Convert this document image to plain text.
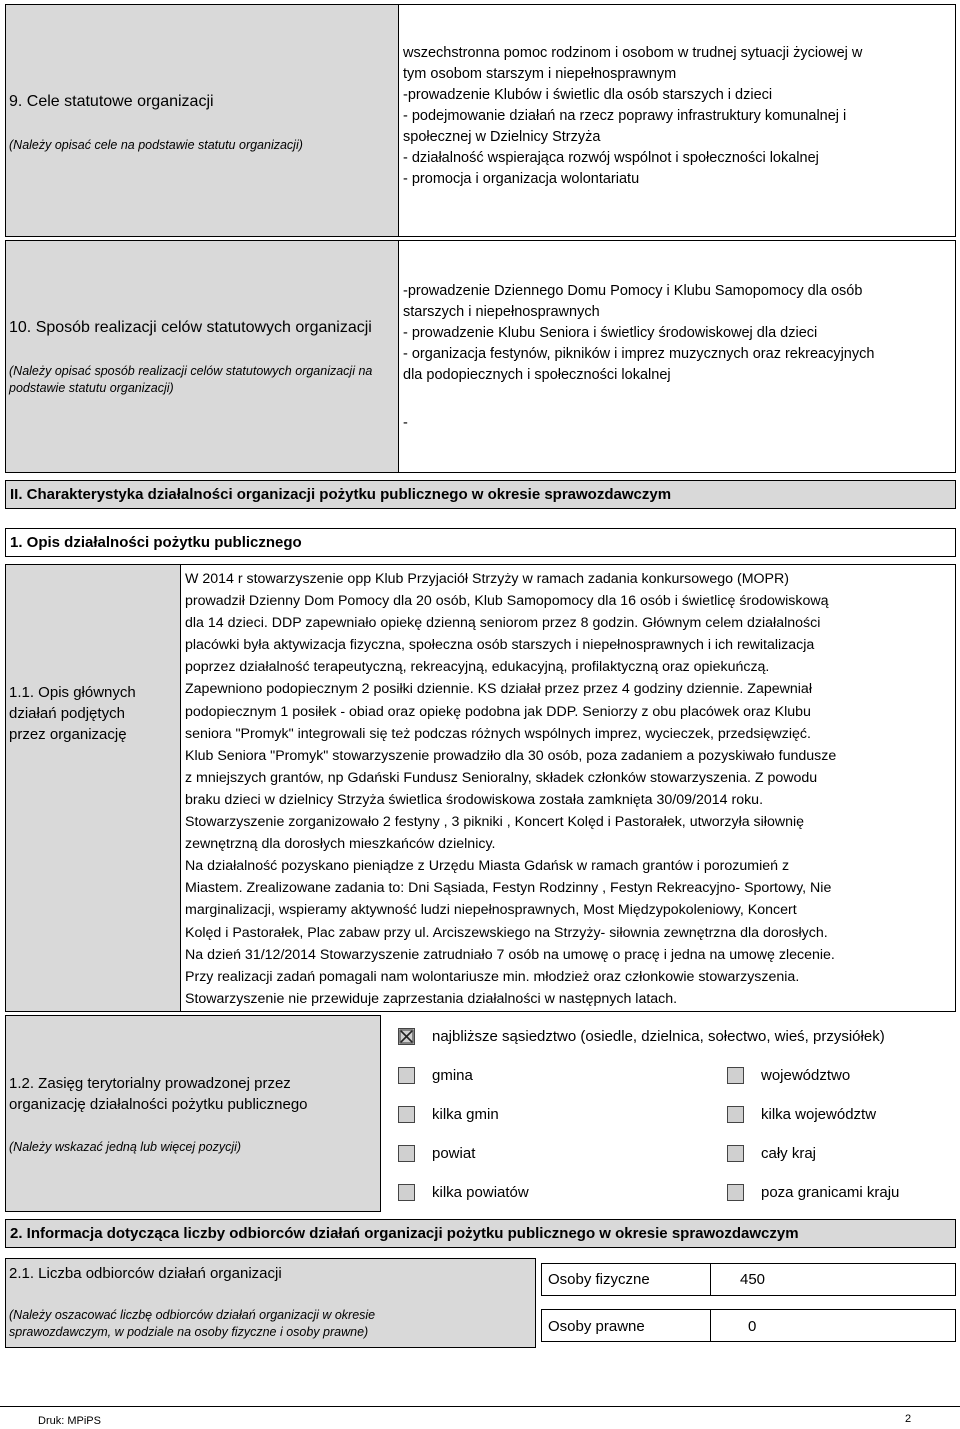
9. Cele statutowe organizacji
(Należy opisać cele na podstawie statutu organizacji)
wszechstronna pomoc rodzinom i osobom w trudnej sytuacji życiowej w
tym osobom starszym i niepełnosprawnym
-prowadzenie Klubów i świetlic dla osób starszych i dzieci
- podejmowanie działań na rzecz poprawy infrastruktury komunalnej i
społecznej w Dzielnicy Strzyża
- działalność wspierająca rozwój wspólnot i społeczności lokalnej
- promocja i organizacja wolontariatu
10. Sposób realizacji celów statutowych organizacji
(Należy opisać sposób realizacji celów statutowych organizacji na
podstawie statutu organizacji)
-prowadzenie Dziennego Domu Pomocy i Klubu Samopomocy dla osób
starszych i niepełnosprawnych
- prowadzenie Klubu Seniora i świetlicy środowiskowej dla dzieci
- organizacja festynów, pikników i imprez muzycznych oraz rekreacyjnych
dla podopiecznych i społeczności lokalnej
-
II. Charakterystyka działalności organizacji pożytku publicznego w okresie sprawozdawczym
1. Opis działalności pożytku publicznego
1.1. Opis głównych
działań podjętych
przez organizację
W 2014 r stowarzyszenie opp Klub Przyjaciół Strzyży w ramach zadania konkursowego (MOPR)
prowadził Dzienny Dom Pomocy dla 20 osób, Klub Samopomocy dla 16 osób i świetlicę środowiskową
dla 14 dzieci. DDP zapewniało opiekę dzienną seniorom przez 8 godzin. Głównym celem działalności
placówki była aktywizacja fizyczna, społeczna osób starszych i niepełnosprawnych i ich rewitalizacja
poprzez działalność terapeutyczną, rekreacyjną, edukacyjną, profilaktyczną oraz opiekuńczą.
Zapewniono podopiecznym 2 posiłki dziennie. KS działał przez przez 4 godziny dziennie. Zapewniał
podopiecznym 1 posiłek - obiad oraz opiekę podobna jak DDP. Seniorzy z obu placówek oraz Klubu
seniora "Promyk" integrowali się też podczas różnych wspólnych imprez, wycieczek, przedsięwzięć.
Klub Seniora "Promyk" stowarzyszenie prowadziło dla 30 osób, poza zadaniem a pozyskiwało fundusze
z mniejszych grantów, np Gdański Fundusz Senioralny, składek członków stowarzyszenia. Z powodu
braku dzieci w dzielnicy Strzyża świetlica środowiskowa została zamknięta 30/09/2014 roku.
Stowarzyszenie zorganizowało 2 festyny , 3 pikniki , Koncert Kolęd i Pastorałek, utworzyła siłownię
zewnętrzną dla dorosłych mieszkańców dzielnicy.
Na działalność pozyskano pieniądze z Urzędu Miasta Gdańsk w ramach grantów i porozumień z
Miastem. Zrealizowane zadania to: Dni Sąsiada, Festyn Rodzinny , Festyn Rekreacyjno- Sportowy, Nie
marginalizacji, wspieramy aktywność ludzi niepełnosprawnych, Most Międzypokoleniowy, Koncert
Kolęd i Pastorałek, Plac zabaw przy ul. Arciszewskiego na Strzyży- siłownia zewnętrzna dla dorosłych.
Na dzień 31/12/2014 Stowarzyszenie zatrudniało 7 osób na umowę o pracę i jedna na umowę zlecenie.
Przy realizacji zadań pomagali nam wolontariusze min. młodzież oraz członkowie stowarzyszenia.
Stowarzyszenie nie przewiduje zaprzestania działalności w następnych latach.
1.2. Zasięg terytorialny prowadzonej przez
organizację działalności pożytku publicznego
(Należy wskazać jedną lub więcej pozycji)
najbliższe sąsiedztwo (osiedle, dzielnica, sołectwo, wieś, przysiółek)
gmina	województwo
kilka gmin	kilka województw
powiat	cały kraj
kilka powiatów	poza granicami kraju
2. Informacja dotycząca liczby odbiorców działań organizacji pożytku publicznego w okresie sprawozdawczym
2.1. Liczba odbiorców działań organizacji
(Należy oszacować liczbę odbiorców działań organizacji w okresie
sprawozdawczym, w podziale na osoby fizyczne i osoby prawne)
Osoby fizyczne	450
Osoby prawne	0
Druk: MPiPS	2
